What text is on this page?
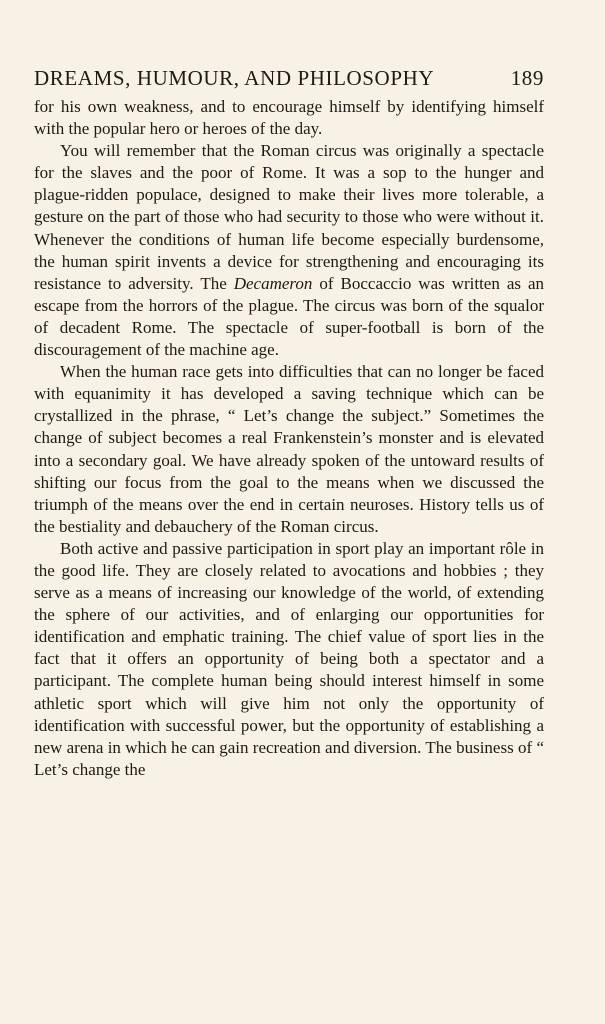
DREAMS, HUMOUR, AND PHILOSOPHY	189

for his own weakness, and to encourage himself by identifying himself with the popular hero or heroes of the day.

You will remember that the Roman circus was originally a spectacle for the slaves and the poor of Rome. It was a sop to the hunger and plague-ridden populace, designed to make their lives more tolerable, a gesture on the part of those who had security to those who were without it. Whenever the conditions of human life become especially burdensome, the human spirit invents a device for strengthening and encouraging its resistance to adversity. The Decameron of Boccaccio was written as an escape from the horrors of the plague. The circus was born of the squalor of decadent Rome. The spectacle of super-football is born of the discouragement of the machine age.

When the human race gets into difficulties that can no longer be faced with equanimity it has developed a saving technique which can be crystallized in the phrase, “ Let’s change the subject.” Sometimes the change of subject becomes a real Frankenstein’s monster and is elevated into a secondary goal. We have already spoken of the untoward results of shifting our focus from the goal to the means when we discussed the triumph of the means over the end in certain neuroses. History tells us of the bestiality and debauchery of the Roman circus.

Both active and passive participation in sport play an important rôle in the good life. They are closely related to avocations and hobbies ; they serve as a means of increasing our knowledge of the world, of extending the sphere of our activities, and of enlarging our opportunities for identification and emphatic training. The chief value of sport lies in the fact that it offers an opportunity of being both a spectator and a participant. The complete human being should interest himself in some athletic sport which will give him not only the opportunity of identification with successful power, but the opportunity of establishing a new arena in which he can gain recreation and diversion. The business of “ Let’s change the
